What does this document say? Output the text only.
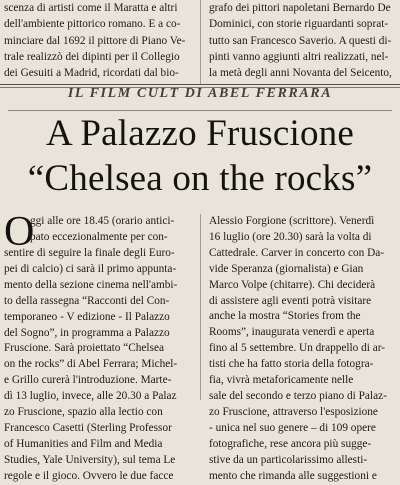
scenza di artisti come il Maratta e altri
dell'ambiente pittorico romano. E a co-
minciare dal 1692 il pittore di Piano Ve-
trale realizzò dei dipinti per il Collegio
dei Gesuiti a Madrid, ricordati dal bio-
grafo dei pittori napoletani Bernardo De
Dominici, con storie riguardanti soprat-
tutto san Francesco Saverio. A questi di-
pinti vanno aggiunti altri realizzati, nel-
la metà degli anni Novanta del Seicento,
IL FILM CULT DI ABEL FERRARA
A Palazzo Fruscione
“Chelsea on the rocks”
O
ggi alle ore 18.45 (orario antici-
pato eccezionalmente per con-
sentire di seguire la finale degli Euro-
pei di calcio) ci sarà il primo appunta-
mento della sezione cinema nell'ambi-
to della rassegna “Racconti del Con-
temporaneo - V edizione - Il Palazzo
del Sogno”, in programma a Palazzo
Fruscione. Sarà proiettato “Chelsea
on the rocks” di Abel Ferrara; Michel-
e Grillo curerà l'introduzione. Marte-
dì 13 luglio, invece, alle 20.30 a Palaz
zo Fruscione, spazio alla lectio con
Francesco Casetti (Sterling Professor
of Humanities and Film and Media
Studies, Yale University), sul tema Le
regole e il gioco. Ovvero le due facce
Alessio Forgione (scrittore). Venerdì
16 luglio (ore 20.30) sarà la volta di
Cattedrale. Carver in concerto con Da-
vide Speranza (giornalista) e Gian
Marco Volpe (chitarre). Chi deciderà
di assistere agli eventi potrà visitare
anche la mostra “Stories from the
Rooms”, inaugurata venerdì e aperta
fino al 5 settembre. Un drappello di ar-
tisti che ha fatto storia della fotogra-
fia, vivrà metaforicamente nelle
sale del secondo e terzo piano di Palaz-
zo Fruscione, attraverso l'esposizione
- unica nel suo genere – di 109 opere
fotografiche, rese ancora più sugge-
stive da un particolarissimo allesti-
mento che rimanda alle suggestioni e
